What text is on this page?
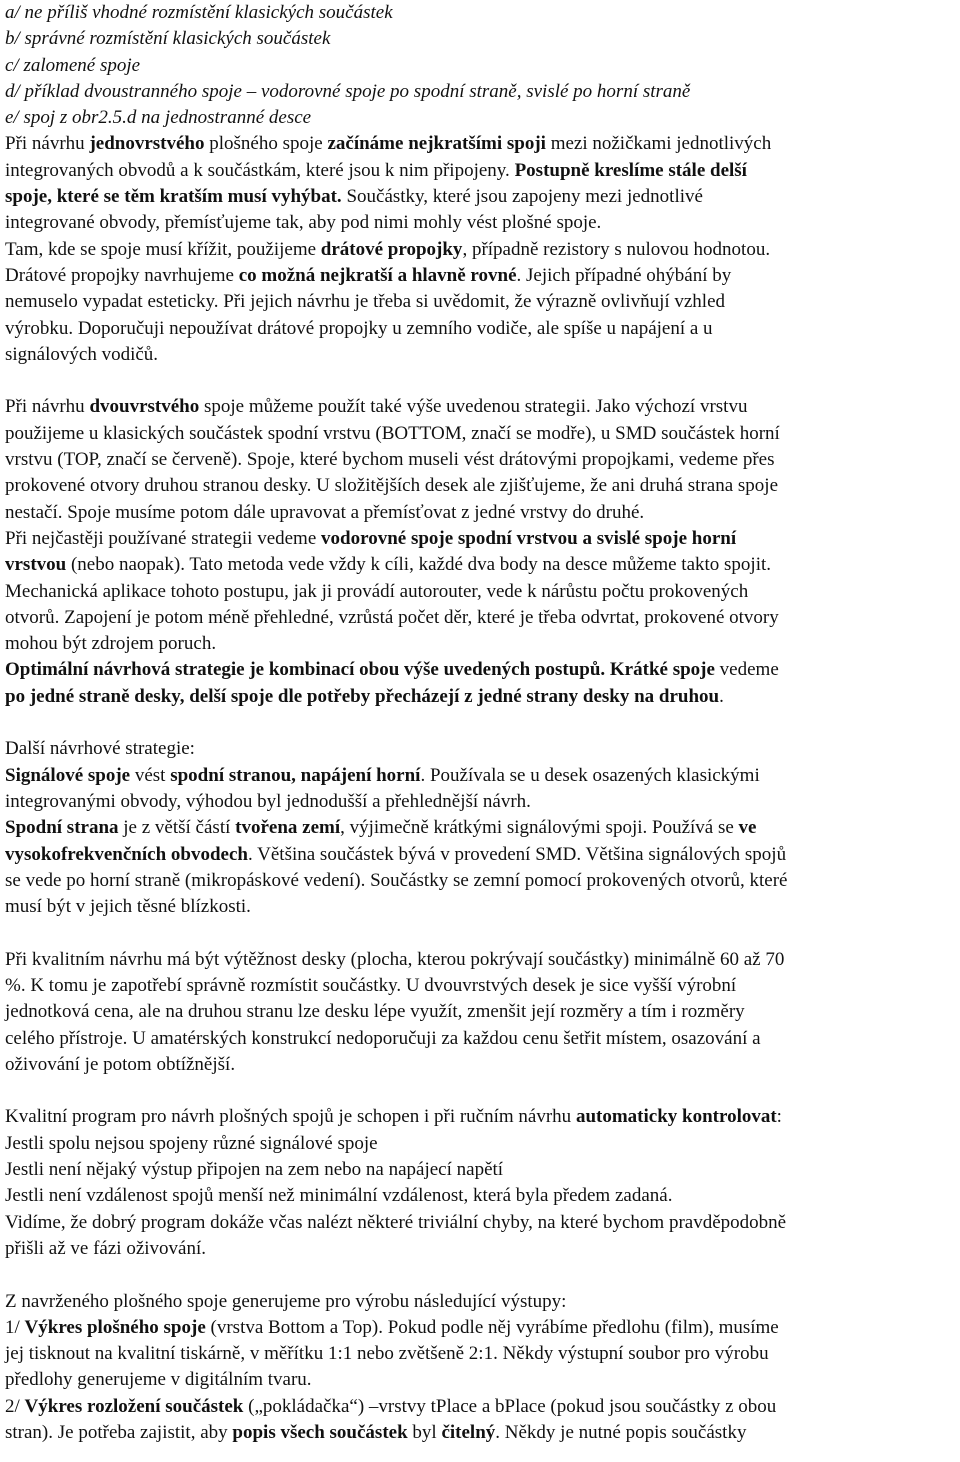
a/ ne příliš vhodné rozmístění klasických součástek
b/ správné rozmístění klasických součástek
c/ zalomené spoje
d/ příklad dvoustranného spoje – vodorovné spoje po spodní straně, svislé po horní straně
e/ spoj z obr2.5.d na jednostranné desce
Při návrhu jednovrstvého plošného spoje začínáme nejkratšími spoji mezi nožičkami jednotlivých
integrovaných obvodů a k součástkám, které jsou k nim připojeny. Postupně kreslíme stále delší
spoje, které se těm kratším musí vyhýbat. Součástky, které jsou zapojeny mezi jednotlivé
integrované obvody, přemísťujeme tak, aby pod nimi mohly vést plošné spoje.
Tam, kde se spoje musí křížit, použijeme drátové propojky, případně rezistory s nulovou hodnotou.
Drátové propojky navrhujeme co možná nejkratší a hlavně rovné. Jejich případné ohýbání by
nemuselo vypadat esteticky. Při jejich návrhu je třeba si uvědomit, že výrazně ovlivňují vzhled
výrobku. Doporučuji nepoužívat drátové propojky u zemního vodiče, ale spíše u napájení a u
signálových vodičů.
Při návrhu dvouvrstvého spoje můžeme použít také výše uvedenou strategii. Jako výchozí vrstvu
použijeme u klasických součástek spodní vrstvu (BOTTOM, značí se modře), u SMD součástek horní
vrstvu (TOP, značí se červeně). Spoje, které bychom museli vést drátovými propojkami, vedeme přes
prokovené otvory druhou stranou desky. U složitějších desek ale zjišťujeme, že ani druhá strana spoje
nestačí. Spoje musíme potom dále upravovat a přemísťovat z jedné vrstvy do druhé.
Při nejčastěji používané strategii vedeme vodorovné spoje spodní vrstvou a svislé spoje horní
vrstvou (nebo naopak). Tato metoda vede vždy k cíli, každé dva body na desce můžeme takto spojit.
Mechanická aplikace tohoto postupu, jak ji provádí autorouter, vede k nárůstu počtu prokovených
otvorů. Zapojení je potom méně přehledné, vzrůstá počet děr, které je třeba odvrtat, prokovené otvory
mohou být zdrojem poruch.
Optimální návrhová strategie je kombinací obou výše uvedených postupů. Krátké spoje vedeme
po jedné straně desky, delší spoje dle potřeby přecházejí z jedné strany desky na druhou.
Další návrhové strategie:
Signálové spoje vést spodní stranou, napájení horní. Používala se u desek osazených klasickými
integrovanými obvody, výhodou byl jednodušší a přehlednější návrh.
Spodní strana je z větší částí tvořena zemí, výjimečně krátkými signálovými spoji. Používá se ve
vysokofrekvenčních obvodech. Většina součástek bývá v provedení SMD. Většina signálových spojů
se vede po horní straně (mikropáskové vedení). Součástky se zemní pomocí prokovených otvorů, které
musí být v jejich těsné blízkosti.
Při kvalitním návrhu má být výtěžnost desky (plocha, kterou pokrývají součástky) minimálně 60 až 70
%. K tomu je zapotřebí správně rozmístit součástky. U dvouvrstvých desek je sice vyšší výrobní
jednotková cena, ale na druhou stranu lze desku lépe využít, zmenšit její rozměry a tím i rozměry
celého přístroje. U amatérských konstrukcí nedoporučuji za každou cenu šetřit místem, osazování a
oživování je potom obtížnější.
Kvalitní program pro návrh plošných spojů je schopen i při ručním návrhu automaticky kontrolovat:
Jestli spolu nejsou spojeny různé signálové spoje
Jestli není nějaký výstup připojen na zem nebo na napájecí napětí
Jestli není vzdálenost spojů menší než minimální vzdálenost, která byla předem zadaná.
Vidíme, že dobrý program dokáže včas nalézt některé triviální chyby, na které bychom pravděpodobně
přišli až ve fázi oživování.
Z navrženého plošného spoje generujeme pro výrobu následující výstupy:
1/ Výkres plošného spoje (vrstva Bottom a Top). Pokud podle něj vyrábíme předlohu (film), musíme
jej tisknout na kvalitní tiskárně, v měřítku 1:1 nebo zvětšeně 2:1. Někdy výstupní soubor pro výrobu
předlohy generujeme v digitálním tvaru.
2/ Výkres rozložení součástek („pokládačka“) –vrstvy tPlace a bPlace (pokud jsou součástky z obou
stran). Je potřeba zajistit, aby popis všech součástek byl čitelný. Někdy je nutné popis součástky
